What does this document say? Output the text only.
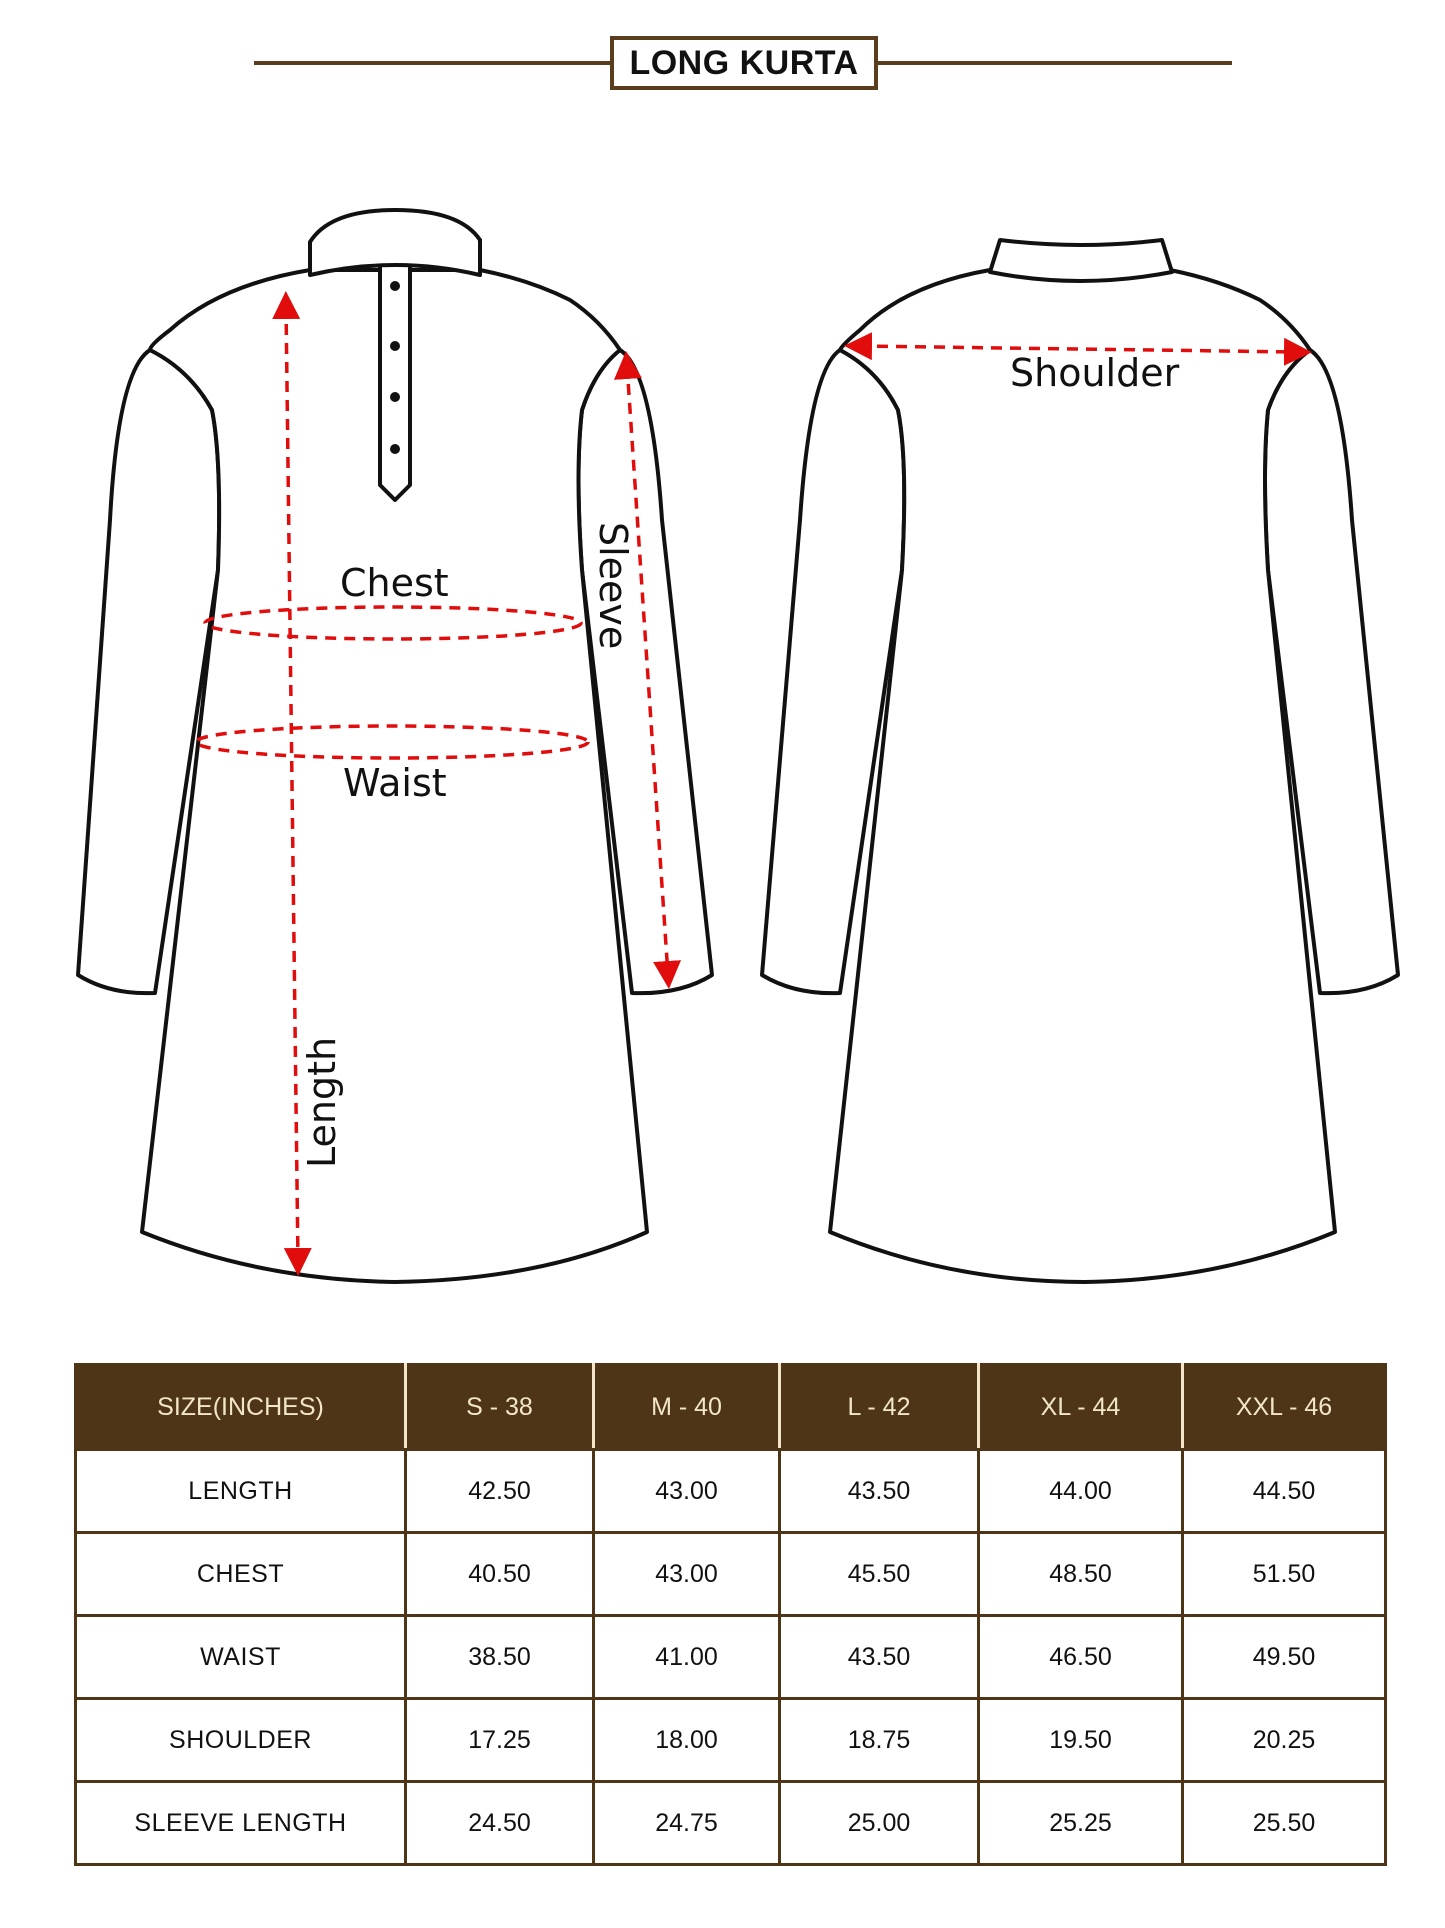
LONG KURTA
Chest
Waist
Sleeve
Length
Shoulder
SIZE(INCHES)	S - 38	M - 40	L - 42	XL - 44	XXL - 46
LENGTH	42.50	43.00	43.50	44.00	44.50
CHEST	40.50	43.00	45.50	48.50	51.50
WAIST	38.50	41.00	43.50	46.50	49.50
SHOULDER	17.25	18.00	18.75	19.50	20.25
SLEEVE LENGTH	24.50	24.75	25.00	25.25	25.50
